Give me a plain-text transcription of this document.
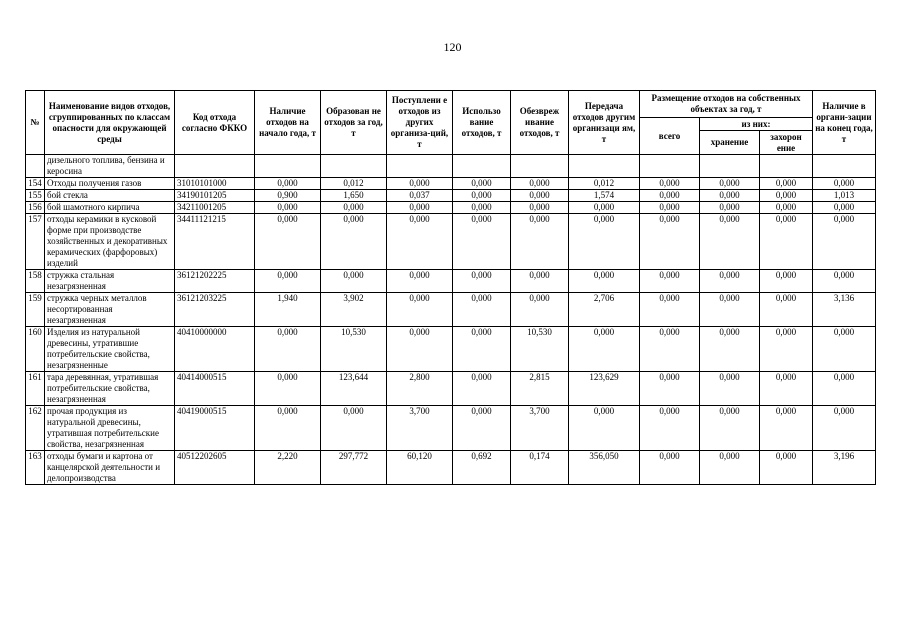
120
№	Наименование видов отходов, сгруппированных по классам опасности для окружающей среды	Код отхода согласно ФККО	Наличие отходов на начало года, т	Образован не отходов за год, т	Поступлени е отходов из других организа-ций, т	Использо вание отходов, т	Обезвреж ивание отходов, т	Передача отходов другим организаци ям, т	Размещение отходов на собственных объектах за год, т			Наличие в органи-зации на конец года, т
									всего	из них:		
										хранение	захорон ение	
	дизельного топлива, бензина и керосина											
154	Отходы получения газов	31010101000	0,000	0,012	0,000	0,000	0,000	0,012	0,000	0,000	0,000	0,000
155	бой стекла	34190101205	0,900	1,650	0,037	0,000	0,000	1,574	0,000	0,000	0,000	1,013
156	бой шамотного кирпича	34211001205	0,000	0,000	0,000	0,000	0,000	0,000	0,000	0,000	0,000	0,000
157	отходы керамики в кусковой форме при производстве хозяйственных и декоративных керамических (фарфоровых) изделий	34411121215	0,000	0,000	0,000	0,000	0,000	0,000	0,000	0,000	0,000	0,000
158	стружка стальная незагрязненная	36121202225	0,000	0,000	0,000	0,000	0,000	0,000	0,000	0,000	0,000	0,000
159	стружка черных металлов несортированная незагрязненная	36121203225	1,940	3,902	0,000	0,000	0,000	2,706	0,000	0,000	0,000	3,136
160	Изделия из натуральной древесины, утратившие потребительские свойства, незагрязненные	40410000000	0,000	10,530	0,000	0,000	10,530	0,000	0,000	0,000	0,000	0,000
161	тара деревянная, утратившая потребительские свойства, незагрязненная	40414000515	0,000	123,644	2,800	0,000	2,815	123,629	0,000	0,000	0,000	0,000
162	прочая продукция из натуральной древесины, утратившая потребительские свойства, незагрязненная	40419000515	0,000	0,000	3,700	0,000	3,700	0,000	0,000	0,000	0,000	0,000
163	отходы бумаги и картона от канцелярской деятельности и делопроизводства	40512202605	2,220	297,772	60,120	0,692	0,174	356,050	0,000	0,000	0,000	3,196
